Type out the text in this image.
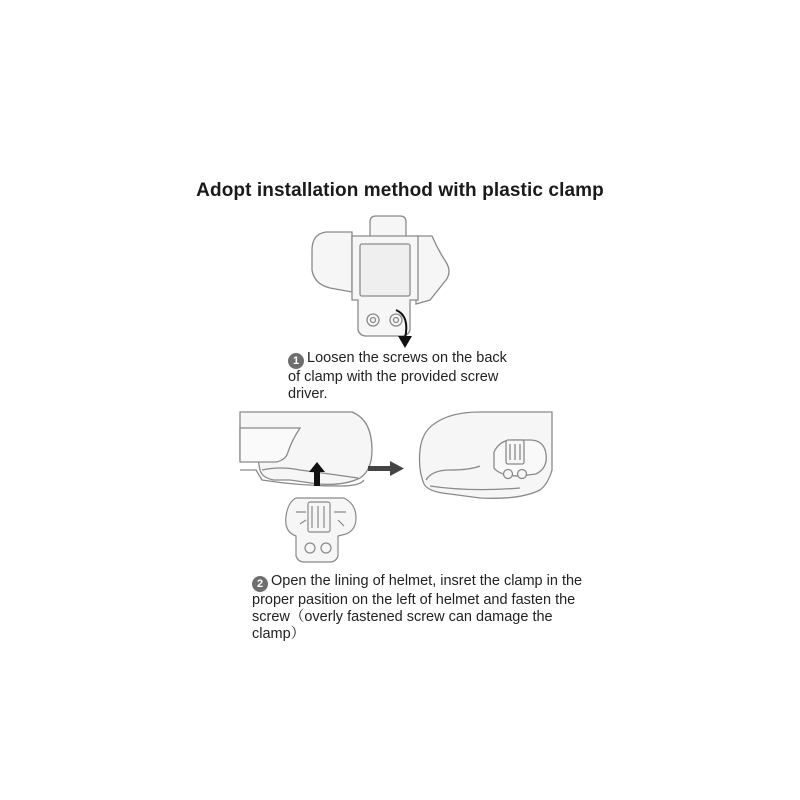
Adopt installation method with plastic clamp
1 Loosen the screws on the back of clamp with the provided screw driver.
2 Open the lining of helmet, insret the clamp in the proper pasition on the left of helmet and fasten the screw（overly fastened screw can damage the clamp）
